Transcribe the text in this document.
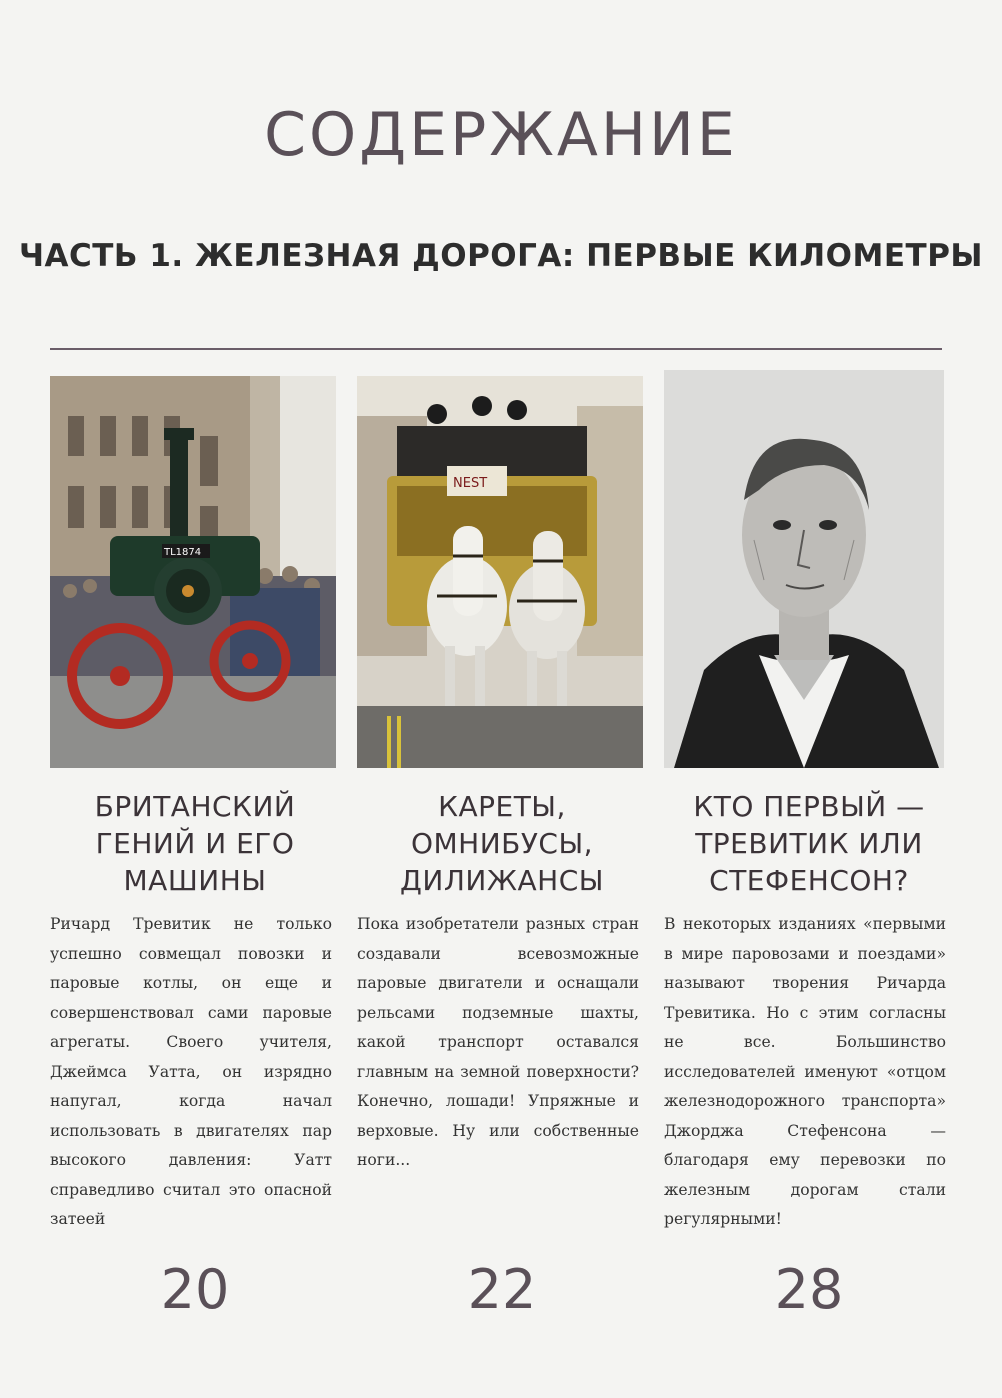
СОДЕРЖАНИЕ
ЧАСТЬ 1. ЖЕЛЕЗНАЯ ДОРОГА: ПЕРВЫЕ КИЛОМЕТРЫ
TL1874
БРИТАНСКИЙ
ГЕНИЙ И ЕГО
МАШИНЫ

Ричард Тревитик не только успешно совмещал повозки и паровые котлы, он еще и совершенствовал сами паровые агрегаты. Своего учителя, Джеймса Уатта, он изрядно напугал, когда начал использовать в двигателях пар высокого давления: Уатт справедливо считал это опасной затеей

20
NEST
КАРЕТЫ,
ОМНИБУСЫ,
ДИЛИЖАНСЫ

Пока изобретатели разных стран создавали всевозможные паровые двигатели и оснащали рельсами подземные шахты, какой транспорт оставался главным на земной поверхности? Конечно, лошади! Упряжные и верховые. Ну или собственные ноги...

22
КТО ПЕРВЫЙ —
ТРЕВИТИК ИЛИ
СТЕФЕНСОН?

В некоторых изданиях «первыми в мире паровозами и поездами» называют творения Ричарда Тревитика. Но с этим согласны не все. Большинство исследователей именуют «отцом железнодорожного транспорта» Джорджа Стефенсона — благодаря ему перевозки по железным дорогам стали регулярными!

28
